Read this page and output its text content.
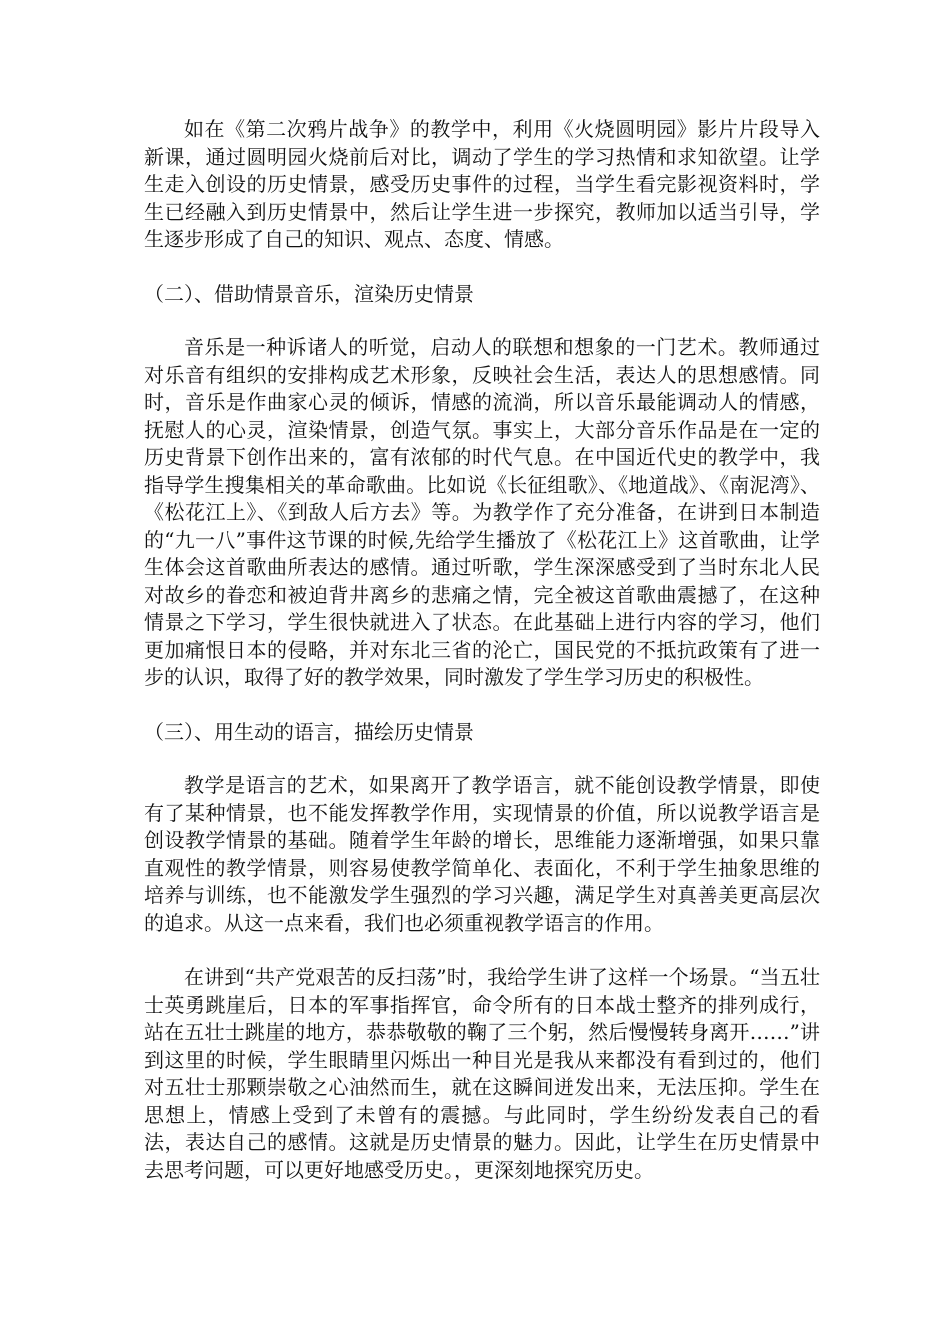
如在《第二次鸦片战争》的教学中，利用《火烧圆明园》影片片段导入新课，通过圆明园火烧前后对比，调动了学生的学习热情和求知欲望。让学生走入创设的历史情景，感受历史事件的过程，当学生看完影视资料时，学生已经融入到历史情景中，然后让学生进一步探究，教师加以适当引导，学生逐步形成了自己的知识、观点、态度、情感。

（二）、借助情景音乐，渲染历史情景

音乐是一种诉诸人的听觉，启动人的联想和想象的一门艺术。教师通过对乐音有组织的安排构成艺术形象，反映社会生活，表达人的思想感情。同时，音乐是作曲家心灵的倾诉，情感的流淌，所以音乐最能调动人的情感，抚慰人的心灵，渲染情景，创造气氛。事实上，大部分音乐作品是在一定的历史背景下创作出来的，富有浓郁的时代气息。在中国近代史的教学中，我指导学生搜集相关的革命歌曲。比如说《长征组歌》、《地道战》、《南泥湾》、《松花江上》、《到敌人后方去》等。为教学作了充分准备，在讲到日本制造的“九一八”事件这节课的时候,先给学生播放了《松花江上》这首歌曲，让学生体会这首歌曲所表达的感情。通过听歌，学生深深感受到了当时东北人民对故乡的眷恋和被迫背井离乡的悲痛之情，完全被这首歌曲震撼了，在这种情景之下学习，学生很快就进入了状态。在此基础上进行内容的学习，他们更加痛恨日本的侵略，并对东北三省的沦亡，国民党的不抵抗政策有了进一步的认识，取得了好的教学效果，同时激发了学生学习历史的积极性。

（三）、用生动的语言，描绘历史情景

教学是语言的艺术，如果离开了教学语言，就不能创设教学情景，即使有了某种情景，也不能发挥教学作用，实现情景的价值，所以说教学语言是创设教学情景的基础。随着学生年龄的增长，思维能力逐渐增强，如果只靠直观性的教学情景，则容易使教学简单化、表面化，不利于学生抽象思维的培养与训练，也不能激发学生强烈的学习兴趣，满足学生对真善美更高层次的追求。从这一点来看，我们也必须重视教学语言的作用。

在讲到“共产党艰苦的反扫荡”时，我给学生讲了这样一个场景。“当五壮士英勇跳崖后，日本的军事指挥官，命令所有的日本战士整齐的排列成行，站在五壮士跳崖的地方，恭恭敬敬的鞠了三个躬，然后慢慢转身离开……”讲到这里的时候，学生眼睛里闪烁出一种目光是我从来都没有看到过的，他们对五壮士那颗崇敬之心油然而生，就在这瞬间迸发出来，无法压抑。学生在思想上，情感上受到了未曾有的震撼。与此同时，学生纷纷发表自己的看法，表达自己的感情。这就是历史情景的魅力。因此，让学生在历史情景中去思考问题，可以更好地感受历史。，更深刻地探究历史。
